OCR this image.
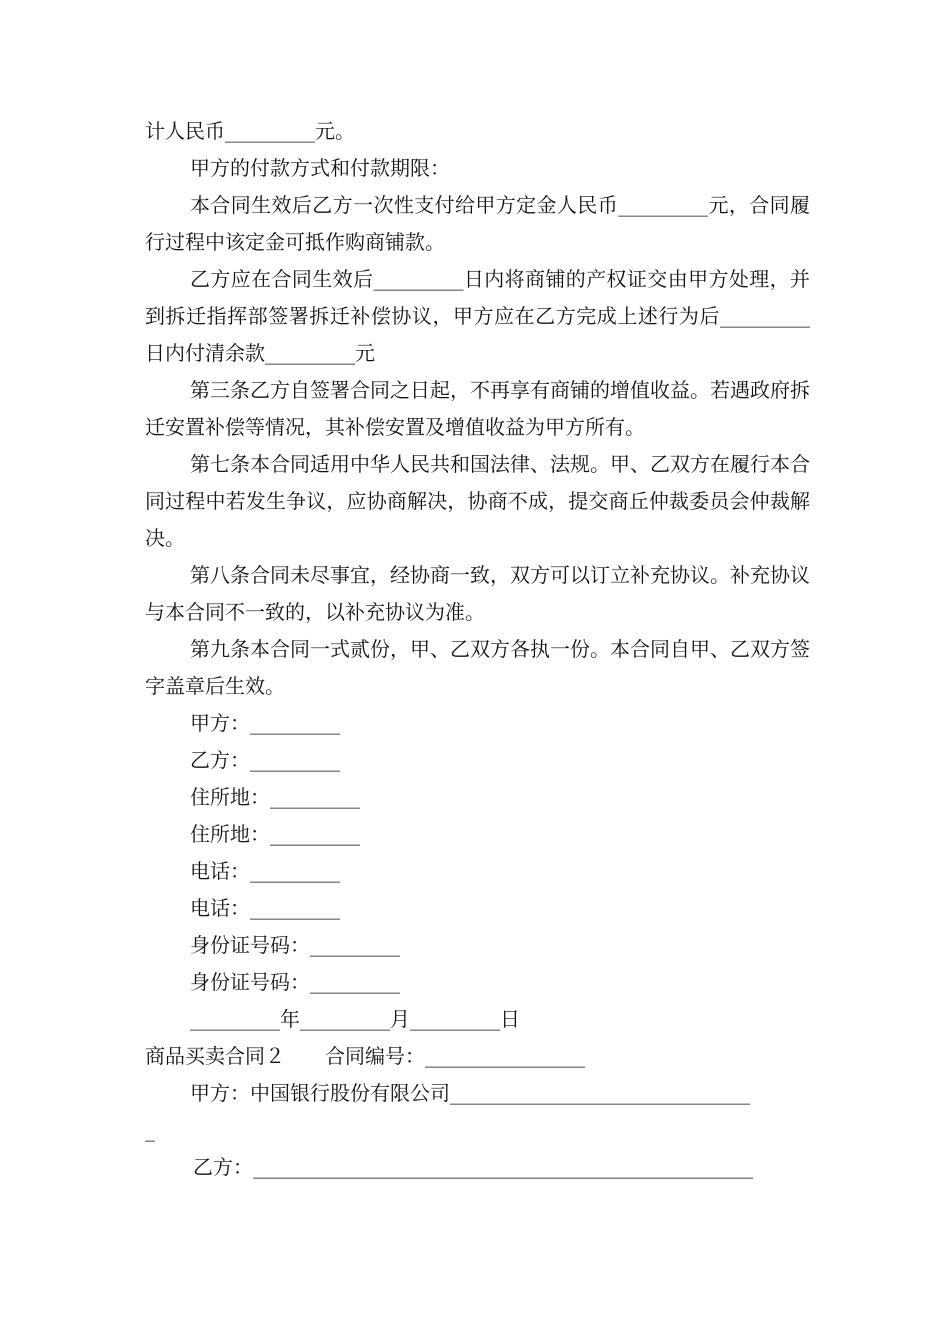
计人民币_________元。

甲方的付款方式和付款期限：

本合同生效后乙方一次性支付给甲方定金人民币_________元，合同履行过程中该定金可抵作购商铺款。

乙方应在合同生效后_________日内将商铺的产权证交由甲方处理，并到拆迁指挥部签署拆迁补偿协议，甲方应在乙方完成上述行为后_________日内付清余款_________元

第三条乙方自签署合同之日起，不再享有商铺的增值收益。若遇政府拆迁安置补偿等情况，其补偿安置及增值收益为甲方所有。

第七条本合同适用中华人民共和国法律、法规。甲、乙双方在履行本合同过程中若发生争议，应协商解决，协商不成，提交商丘仲裁委员会仲裁解决。

第八条合同未尽事宜，经协商一致，双方可以订立补充协议。补充协议与本合同不一致的，以补充协议为准。

第九条本合同一式贰份，甲、乙双方各执一份。本合同自甲、乙双方签字盖章后生效。

甲方：_________

乙方：_________

住所地：_________

住所地：_________

电话：_________

电话：_________

身份证号码：_________

身份证号码：_________

_________年_________月_________日

商品买卖合同２　　合同编号：________________

甲方：中国银行股份有限公司______________________________

_

乙方：__________________________________________________
